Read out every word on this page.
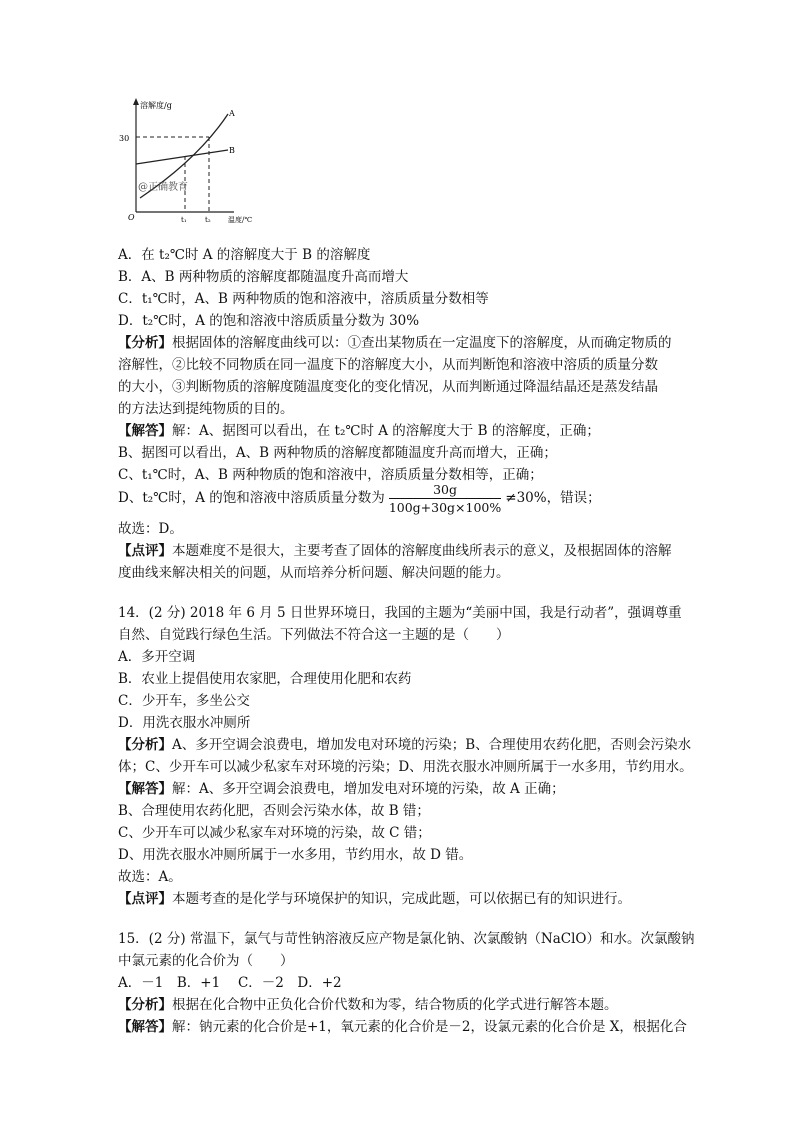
溶解度/g
30
A
B
O	t₁	t₂ 温度/℃
@正确教育
A．在 t₂℃时 A 的溶解度大于 B 的溶解度
B．A、B 两种物质的溶解度都随温度升高而增大
C．t₁℃时，A、B 两种物质的饱和溶液中，溶质质量分数相等
D．t₂℃时，A 的饱和溶液中溶质质量分数为 30%
【分析】根据固体的溶解度曲线可以：①查出某物质在一定温度下的溶解度，从而确定物质的
溶解性，②比较不同物质在同一温度下的溶解度大小，从而判断饱和溶液中溶质的质量分数
的大小，③判断物质的溶解度随温度变化的变化情况，从而判断通过降温结晶还是蒸发结晶
的方法达到提纯物质的目的。
【解答】解：A、据图可以看出，在 t₂℃时 A 的溶解度大于 B 的溶解度，正确；
B、据图可以看出，A、B 两种物质的溶解度都随温度升高而增大，正确；
C、t₁℃时，A、B 两种物质的饱和溶液中，溶质质量分数相等，正确；
D、t₂℃时，A 的饱和溶液中溶质质量分数为 $\frac{30g}{100g+30g\times 100\%} \ne 30\%$，错误；
故选：D。
【点评】本题难度不是很大，主要考查了固体的溶解度曲线所表示的意义，及根据固体的溶解
度曲线来解决相关的问题，从而培养分析问题、解决问题的能力。
14．(2 分) 2018 年 6 月 5 日世界环境日，我国的主题为“美丽中国，我是行动者”，强调尊重
自然、自觉践行绿色生活。下列做法不符合这一主题的是（　　）
A．多开空调
B．农业上提倡使用农家肥，合理使用化肥和农药
C．少开车，多坐公交
D．用洗衣服水冲厕所
【分析】A、多开空调会浪费电，增加发电对环境的污染；B、合理使用农药化肥，否则会污染水
体；C、少开车可以减少私家车对环境的污染；D、用洗衣服水冲厕所属于一水多用，节约用水。
【解答】解：A、多开空调会浪费电，增加发电对环境的污染，故 A 正确；
B、合理使用农药化肥，否则会污染水体，故 B 错；
C、少开车可以减少私家车对环境的污染，故 C 错；
D、用洗衣服水冲厕所属于一水多用，节约用水，故 D 错。
故选：A。
【点评】本题考查的是化学与环境保护的知识，完成此题，可以依据已有的知识进行。
15．(2 分) 常温下，氯气与苛性钠溶液反应产物是氯化钠、次氯酸钠（NaClO）和水。次氯酸钠
中氯元素的化合价为（　　）
A．－1　B．+1　 C．－2　D．+2
【分析】根据在化合物中正负化合价代数和为零，结合物质的化学式进行解答本题。
【解答】解：钠元素的化合价是+1，氧元素的化合价是－2，设氯元素的化合价是 X，根据化合
